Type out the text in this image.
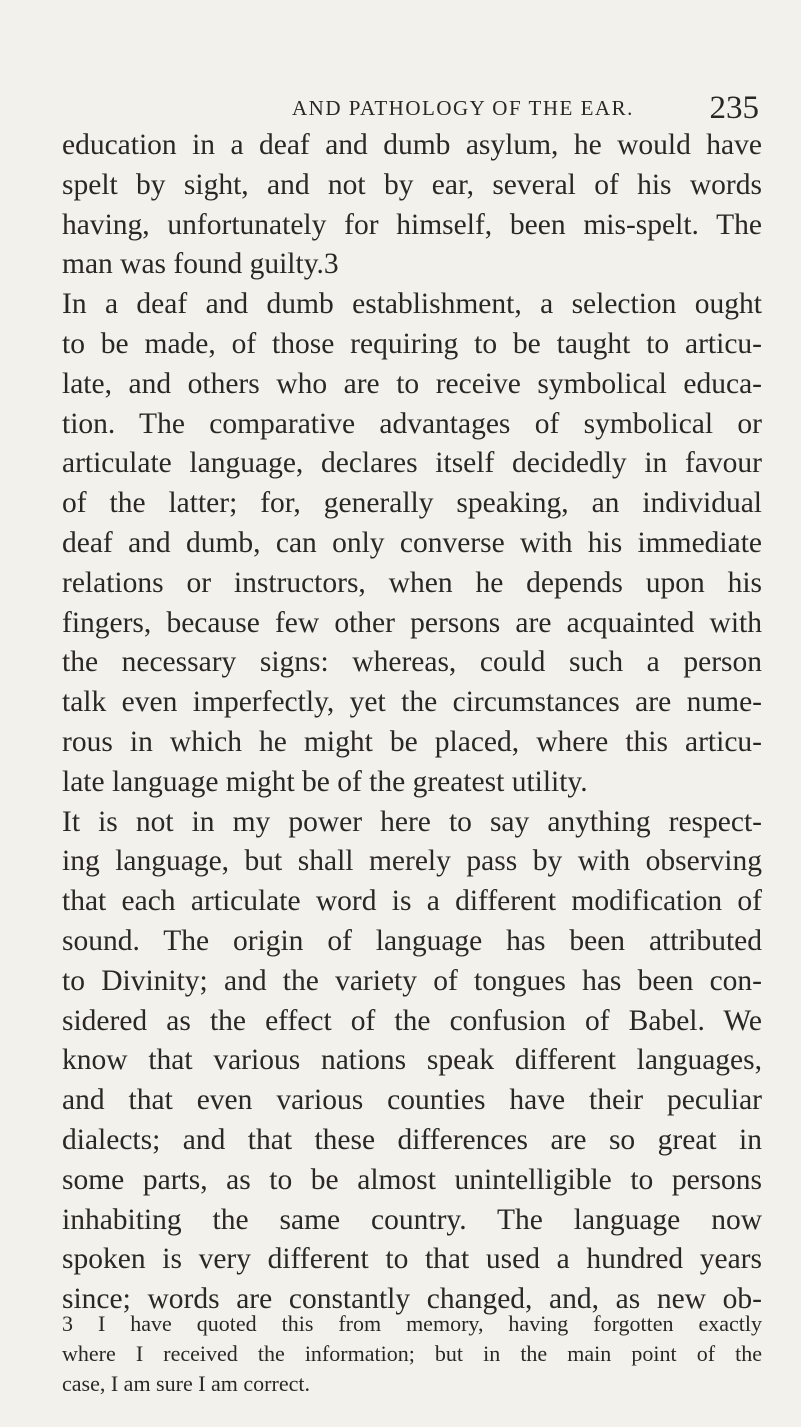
AND PATHOLOGY OF THE EAR. 235
education in a deaf and dumb asylum, he would have
spelt by sight, and not by ear, several of his words
having, unfortunately for himself, been mis-spelt. The
man was found guilty.3
In a deaf and dumb establishment, a selection ought
to be made, of those requiring to be taught to articu-
late, and others who are to receive symbolical educa-
tion. The comparative advantages of symbolical or
articulate language, declares itself decidedly in favour
of the latter; for, generally speaking, an individual
deaf and dumb, can only converse with his immediate
relations or instructors, when he depends upon his
fingers, because few other persons are acquainted with
the necessary signs: whereas, could such a person
talk even imperfectly, yet the circumstances are nume-
rous in which he might be placed, where this articu-
late language might be of the greatest utility.
It is not in my power here to say anything respect-
ing language, but shall merely pass by with observing
that each articulate word is a different modification of
sound. The origin of language has been attributed
to Divinity; and the variety of tongues has been con-
sidered as the effect of the confusion of Babel. We
know that various nations speak different languages,
and that even various counties have their peculiar
dialects; and that these differences are so great in
some parts, as to be almost unintelligible to persons
inhabiting the same country. The language now
spoken is very different to that used a hundred years
since; words are constantly changed, and, as new ob-
3 I have quoted this from memory, having forgotten exactly
where I received the information; but in the main point of the
case, I am sure I am correct.
